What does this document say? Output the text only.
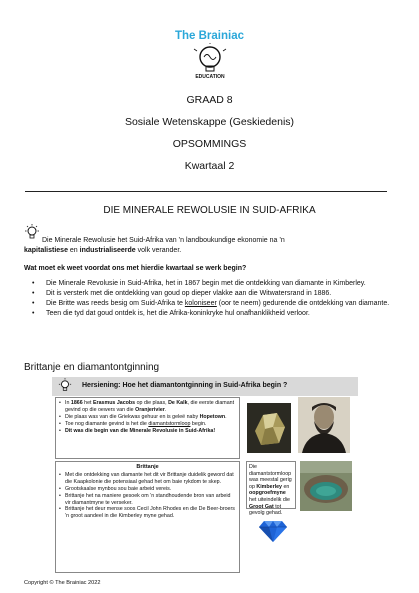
The Brainiac
EDUCATION
GRAAD 8
Sosiale Wetenskappe (Geskiedenis)
OPSOMMINGS
Kwartaal 2
DIE MINERALE REWOLUSIE IN SUID-AFRIKA
Die Minerale Rewolusie het Suid-Afrika van ’n landboukundige ekonomie na ’n
kapitalistiese en industrialiseerde volk verander.
Wat moet ek weet voordat ons met hierdie kwartaal se werk begin?
• Die Minerale Revolusie in Suid-Afrika, het in 1867 begin met die ontdekking van diamante in Kimberley.
• Dit is versterk met die ontdekking van goud op dieper vlakke aan die Witwatersrand in 1886.
• Die Britte was reeds besig om Suid-Afrika te koloniseer (oor te neem) gedurende die ontdekking van diamante.
• Teen die tyd dat goud ontdek is, het die Afrika-koninkryke hul onafhanklikheid verloor.
Brittanje en diamantontginning
Hersiening: Hoe het diamantontginning in Suid-Afrika begin ?
• In 1866 het Erasmus Jacobs op die plaas, De Kalk, die eerste diamant gevind op die oewers van die Oranjerivier.
• Die plaas was van die Griekwas gehuur en is geleë naby Hopetown.
• Toe nog diamante gevind is het die diamantstormloop begin.
• Dit was die begin van die Minerale Revolusie in Suid-Afrika!
Brittanje
• Met die ontdekking van diamante het dit vir Brittanje duidelik geword dat die Kaapkolonie die potensiaal gehad het om baie rykdom te skep.
• Grootskaalse mynbou sou baie arbeid vereis.
• Brittanje het na maniere gesoek om ’n standhoudende bron van arbeid vir diamantmyne te verseker.
• Brittanje het deur mense soos Cecil John Rhodes en die De Beer-broers ’n groot aandeel in die Kimberley myne gehad.
Die diamantstormloop was meestal gerig op Kimberley en oopgroefmyne het uiteindelik die Groot Gat tot gevolg gehad.
Copyright © The Brainiac 2022
